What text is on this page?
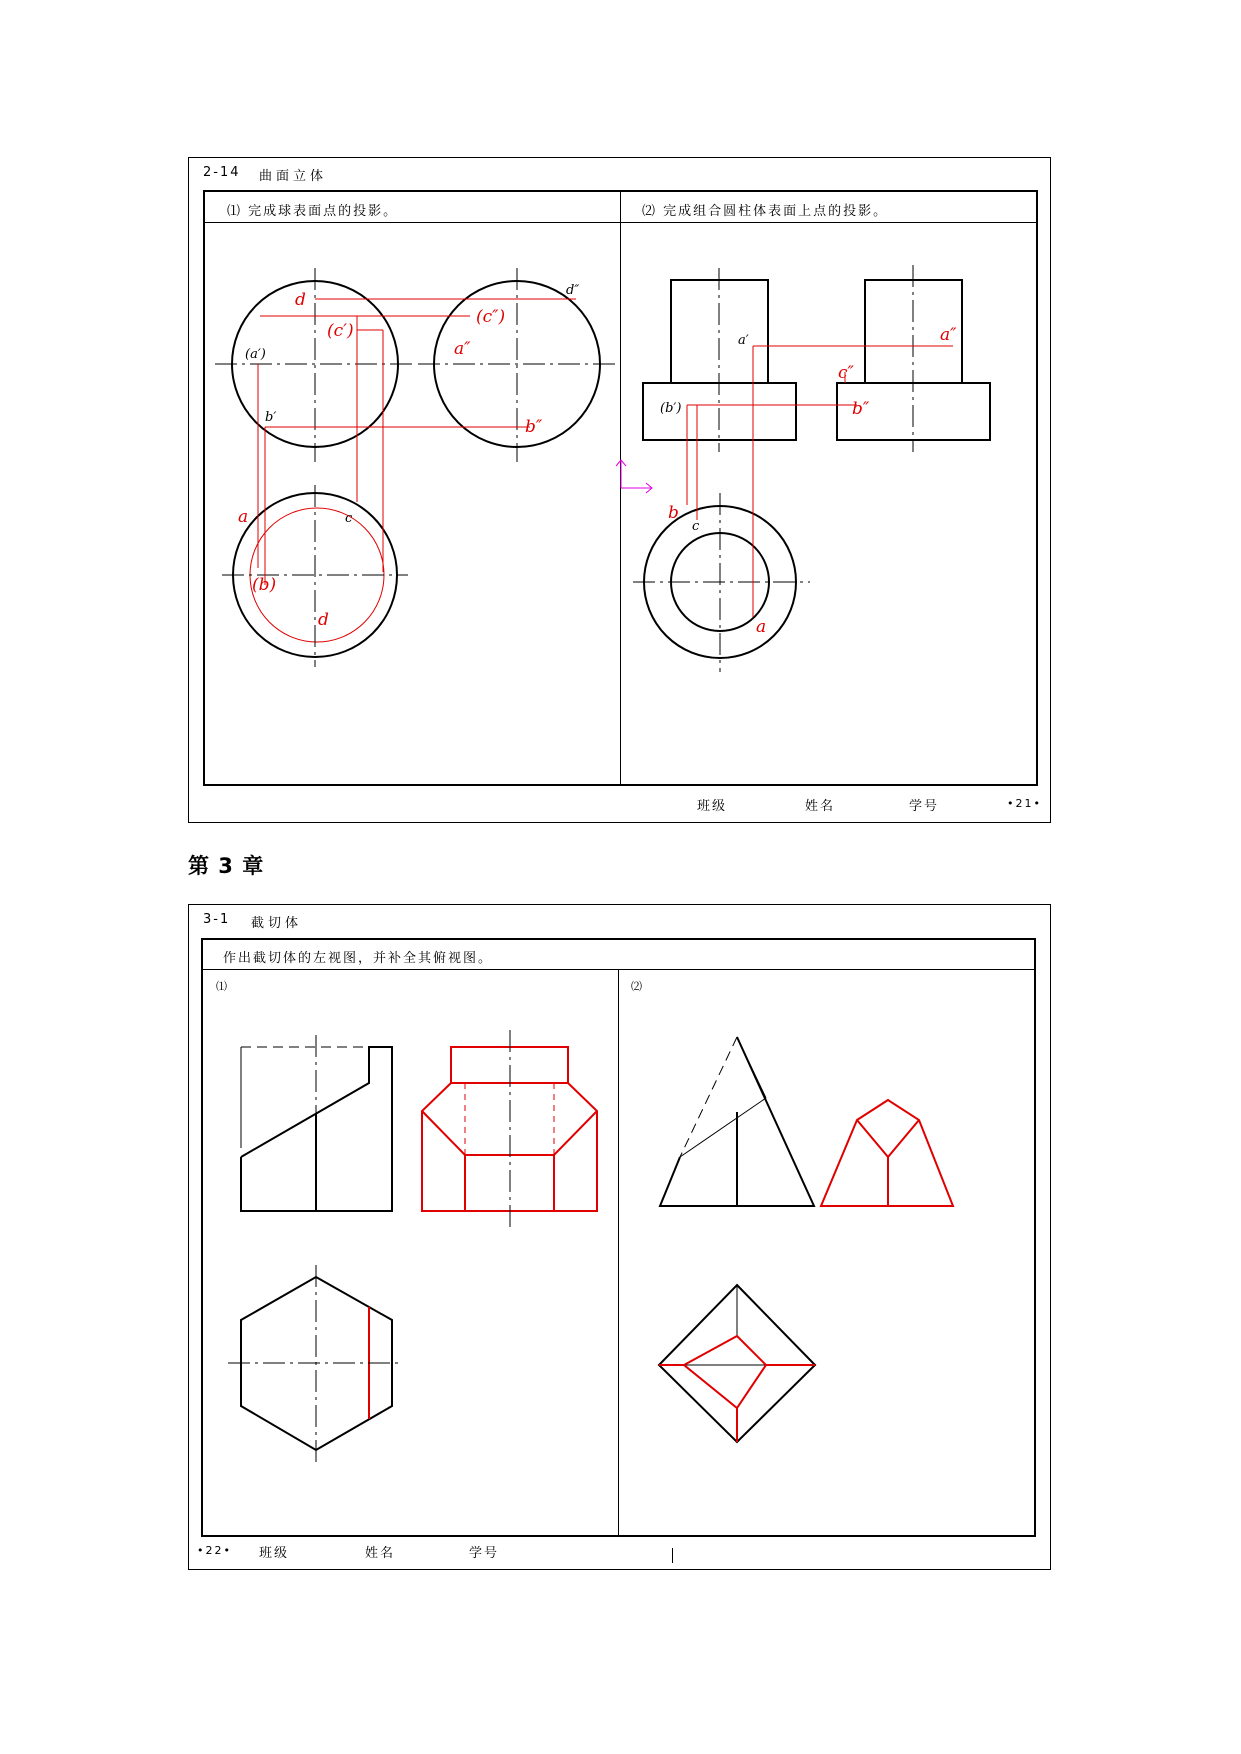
2-14 曲面立体
⑴ 完成球表面点的投影。	⑵ 完成组合圆柱体表面上点的投影。
班级	姓名	学号	•21•
d	d″
(c′)
(c″)
(a′)	a″
b′	b″
a	c
(b)
d
a′	a″
c″
(b′)	b″
b
c
a
第 3 章
3-1 截切体
作出截切体的左视图，并补全其俯视图。
⑴	⑵
•22• 班级	姓名	学号
